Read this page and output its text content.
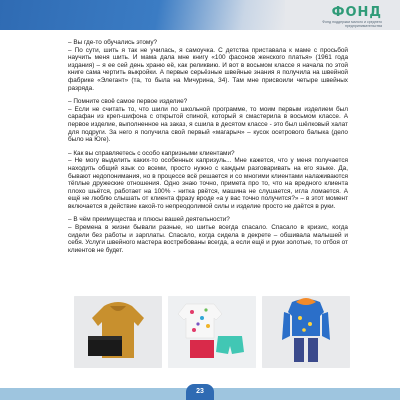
ФОНД
Фонд поддержки малого и среднего предпринимательства

– Вы где-то обучались этому?

– По сути, шить я так не училась, я самоучка. С детства приставала к маме с просьбой научить меня шить. И мама дала мне книгу «100 фасонов женского платья» (1961 года издания) – я ее сей день храню её, как реликвию. И вот в восьмом классе я начала по этой книге сама чертить выкройки. А первые серьёзные швейные знания я получила на швейной фабрике «Элегант» (та, то была на Мичурина, 34). Там мне присвоили четыре швейных разряда.

– Помните своё самое первое изделие?

– Если не считать то, что шили по школьной программе, то моим первым изделием был сарафан из креп-шифона с открытой спиной, который я смастерила в восьмом классе. А первое изделие, выполненное на заказ, я сшила в десятом классе - это был шёлковый халат для подруги. За него я получила свой первый «магарыч» – кусок осетрового балыка (дело было на Юге).

– Как вы справляетесь с особо капризными клиентами?

– Не могу выделить каких-то особенных капризуль... Мне кажется, что у меня получается находить общий язык со всеми, просто нужно с каждым разговаривать на его языке. Да, бывают недопонимания, но в процессе всё решается и со многими клиентами налаживаются тёплые дружеские отношения. Одно знаю точно, примета про то, что на вредного клиента плохо шьётся, работает на 100% - нитка рвётся, машина не слушается, игла ломается. А ещё не люблю слышать от клиента фразу вроде «а у вас точно получится?» – в этот момент включается в действие какой-то непреодолимой силы и изделие просто не даётся в руки.

– В чём преимущества и плюсы вашей деятельности?

– Времена в жизни бывали разные, но шитье всегда спасало. Спасало в кризис, когда сидели без работы и зарплаты. Спасало, когда сидела в декрете – обшивала малышей и себя. Услуги швейного мастера востребованы всегда, а если ещё и руки золотые, то отбоя от клиентов не будет.

23
